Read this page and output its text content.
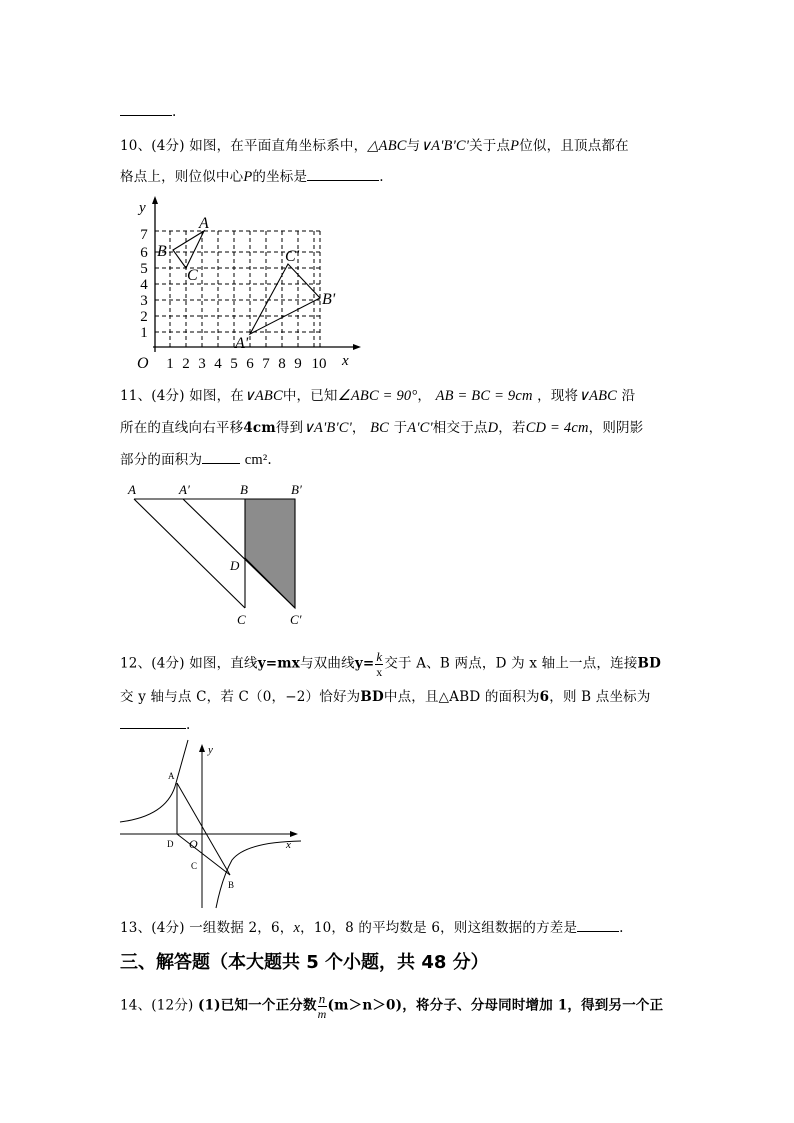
.
10、(4分) 如图，在平面直角坐标系中，△ABC与∨A'B'C'关于点P位似，且顶点都在
格点上，则位似中心P的坐标是	.
y
x
O 1 2 3 4 5 6 7 8 9 10
1
2
3
4
5
6
7
A
B
C
A'
B'
C'
11、(4分) 如图，在∨ABC中，已知∠ABC = 90°， AB = BC = 9cm ，现将∨ABC 沿
所在的直线向右平移4cm得到∨A'B'C'， BC 于A'C'相交于点D，若CD = 4cm，则阴影
部分的面积为	cm².
A	A′	B	B′
D
C	C′
12、(4分) 如图，直线y=mx与双曲线$y= \frac{k}{x}$ 交于 A、B 两点，D 为 x 轴上一点，连接BD
交 y 轴与点 C，若 C（0，−2）恰好为BD中点，且△ABD 的面积为6，则 B 点坐标为
.
y
x
A
D O
C
B
13、(4分) 一组数据 2，6，x，10，8 的平均数是 6，则这组数据的方差是	.
三、解答题（本大题共 5 个小题，共 48 分）
14、(12分) (1)已知一个正分数 $\frac{n}{m} (m>n>0)$，将分子、分母同时增加 1，得到另一个正
